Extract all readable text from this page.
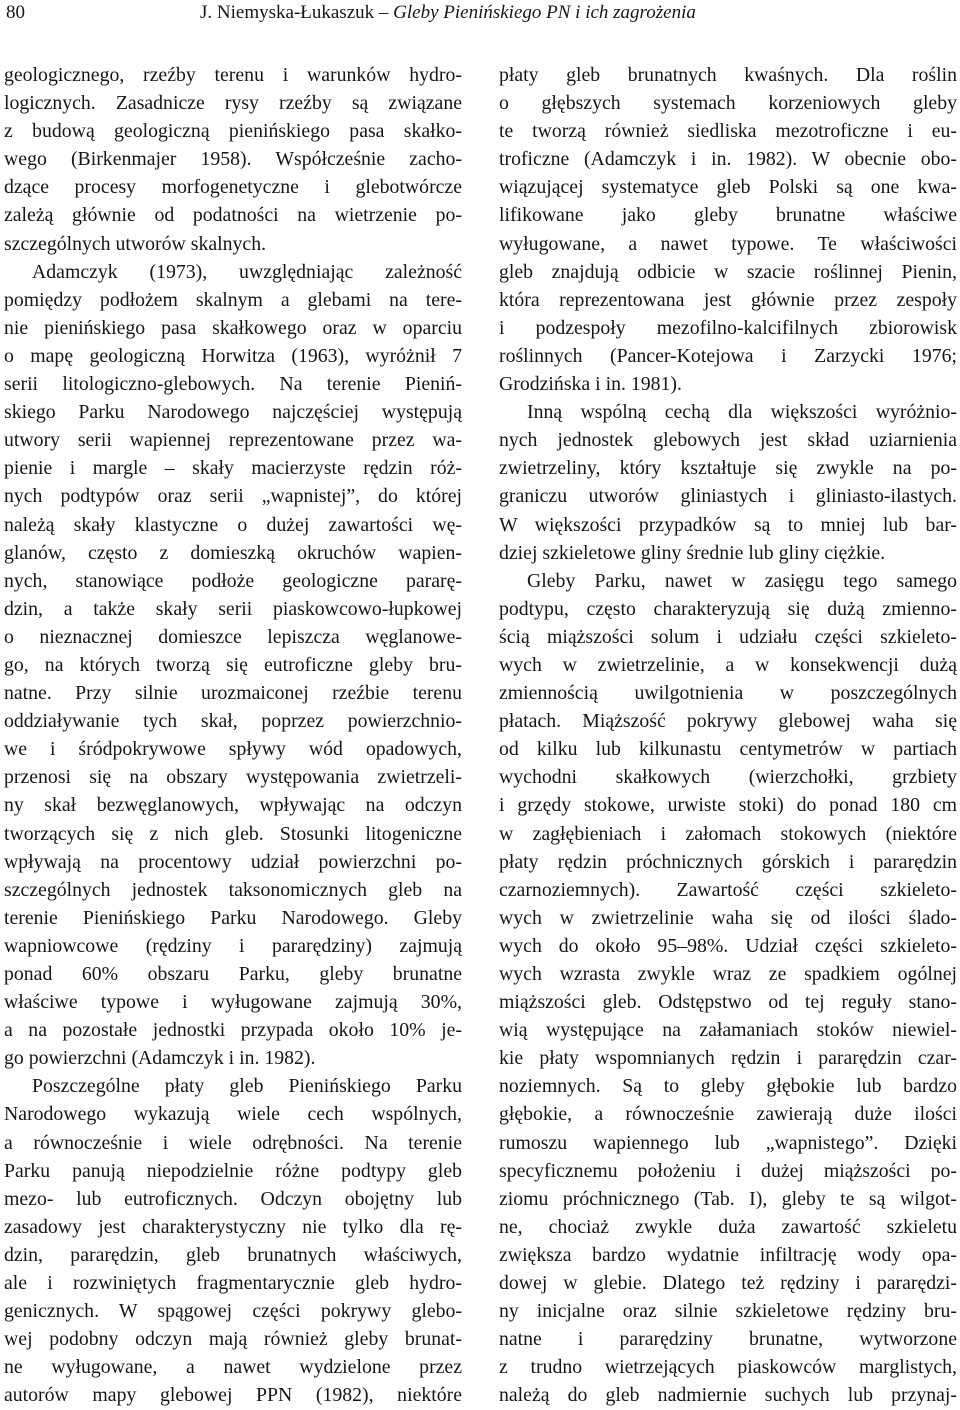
80	J. Niemyska-Łukaszuk – Gleby Pienińskiego PN i ich zagrożenia
geologicznego, rzeźby terenu i warunków hydro-
logicznych. Zasadnicze rysy rzeźby są związane
z budową geologiczną pienińskiego pasa skałko-
wego (Birkenmajer 1958). Współcześnie zacho-
dzące procesy morfogenetyczne i glebotwórcze
zależą głównie od podatności na wietrzenie po-
szczególnych utworów skalnych.
Adamczyk (1973), uwzględniając zależność
pomiędzy podłożem skalnym a glebami na tere-
nie pienińskiego pasa skałkowego oraz w oparciu
o mapę geologiczną Horwitza (1963), wyróżnił 7
serii litologiczno-glebowych. Na terenie Pieniń-
skiego Parku Narodowego najczęściej występują
utwory serii wapiennej reprezentowane przez wa-
pienie i margle – skały macierzyste rędzin róż-
nych podtypów oraz serii „wapnistej”, do której
należą skały klastyczne o dużej zawartości wę-
glanów, często z domieszką okruchów wapien-
nych, stanowiące podłoże geologiczne pararę-
dzin, a także skały serii piaskowcowo-łupkowej
o nieznacznej domieszce lepiszcza węglanowe-
go, na których tworzą się eutroficzne gleby bru-
natne. Przy silnie urozmaiconej rzeźbie terenu
oddziaływanie tych skał, poprzez powierzchnio-
we i śródpokrywowe spływy wód opadowych,
przenosi się na obszary występowania zwietrzeli-
ny skał bezwęglanowych, wpływając na odczyn
tworzących się z nich gleb. Stosunki litogeniczne
wpływają na procentowy udział powierzchni po-
szczególnych jednostek taksonomicznych gleb na
terenie Pienińskiego Parku Narodowego. Gleby
wapniowcowe (rędziny i pararędziny) zajmują
ponad 60% obszaru Parku, gleby brunatne
właściwe typowe i wyługowane zajmują 30%,
a na pozostałe jednostki przypada około 10% je-
go powierzchni (Adamczyk i in. 1982).
Poszczególne płaty gleb Pienińskiego Parku
Narodowego wykazują wiele cech wspólnych,
a równocześnie i wiele odrębności. Na terenie
Parku panują niepodzielnie różne podtypy gleb
mezo- lub eutroficznych. Odczyn obojętny lub
zasadowy jest charakterystyczny nie tylko dla rę-
dzin, pararędzin, gleb brunatnych właściwych,
ale i rozwiniętych fragmentarycznie gleb hydro-
genicznych. W spągowej części pokrywy glebo-
wej podobny odczyn mają również gleby brunat-
ne wyługowane, a nawet wydzielone przez
autorów mapy glebowej PPN (1982), niektóre
płaty gleb brunatnych kwaśnych. Dla roślin
o głębszych systemach korzeniowych gleby
te tworzą również siedliska mezotroficzne i eu-
troficzne (Adamczyk i in. 1982). W obecnie obo-
wiązującej systematyce gleb Polski są one kwa-
lifikowane jako gleby brunatne właściwe
wyługowane, a nawet typowe. Te właściwości
gleb znajdują odbicie w szacie roślinnej Pienin,
która reprezentowana jest głównie przez zespoły
i podzespoły mezofilno-kalcifilnych zbiorowisk
roślinnych (Pancer-Kotejowa i Zarzycki 1976;
Grodzińska i in. 1981).
Inną wspólną cechą dla większości wyróżnio-
nych jednostek glebowych jest skład uziarnienia
zwietrzeliny, który kształtuje się zwykle na po-
graniczu utworów gliniastych i gliniasto-ilastych.
W większości przypadków są to mniej lub bar-
dziej szkieletowe gliny średnie lub gliny ciężkie.
Gleby Parku, nawet w zasięgu tego samego
podtypu, często charakteryzują się dużą zmienno-
ścią miąższości solum i udziału części szkieleto-
wych w zwietrzelinie, a w konsekwencji dużą
zmiennością uwilgotnienia w poszczególnych
płatach. Miąższość pokrywy glebowej waha się
od kilku lub kilkunastu centymetrów w partiach
wychodni skałkowych (wierzchołki, grzbiety
i grzędy stokowe, urwiste stoki) do ponad 180 cm
w zagłębieniach i załomach stokowych (niektóre
płaty rędzin próchnicznych górskich i pararędzin
czarnoziemnych). Zawartość części szkieleto-
wych w zwietrzelinie waha się od ilości ślado-
wych do około 95–98%. Udział części szkieleto-
wych wzrasta zwykle wraz ze spadkiem ogólnej
miąższości gleb. Odstępstwo od tej reguły stano-
wią występujące na załamaniach stoków niewiel-
kie płaty wspomnianych rędzin i pararędzin czar-
noziemnych. Są to gleby głębokie lub bardzo
głębokie, a równocześnie zawierają duże ilości
rumoszu wapiennego lub „wapnistego”. Dzięki
specyficznemu położeniu i dużej miąższości po-
ziomu próchnicznego (Tab. I), gleby te są wilgot-
ne, chociaż zwykle duża zawartość szkieletu
zwiększa bardzo wydatnie infiltrację wody opa-
dowej w glebie. Dlatego też rędziny i pararędzi-
ny inicjalne oraz silnie szkieletowe rędziny bru-
natne i pararędziny brunatne, wytworzone
z trudno wietrzejących piaskowców marglistych,
należą do gleb nadmiernie suchych lub przynaj-
